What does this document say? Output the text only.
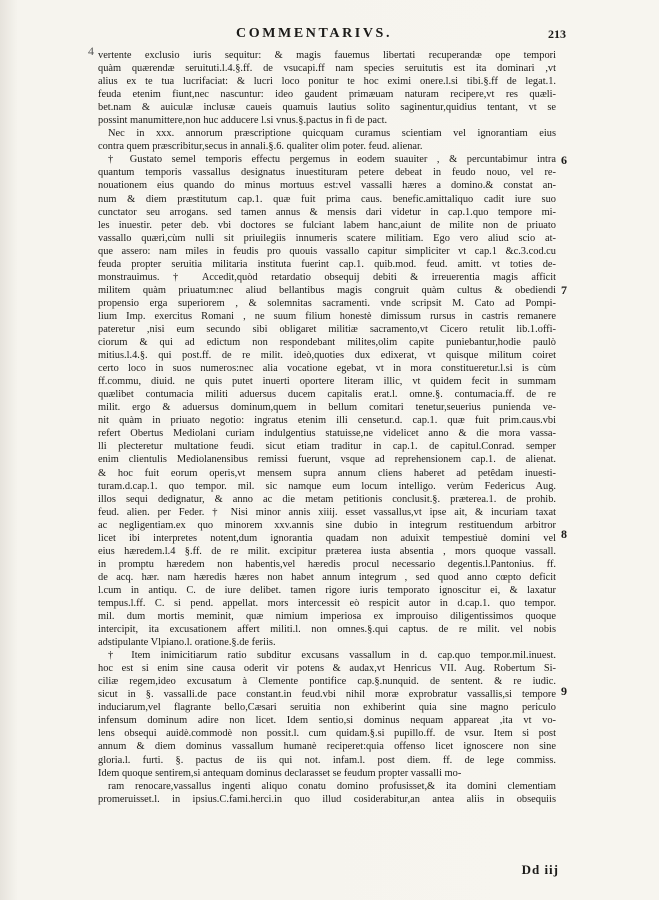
COMMENTARIVS.	213
4 vertente exclusio iuris sequitur: & magis fauemus libertati recuperandæ ope tempori
quàm quærendæ seruituti.l.4.§.ff. de vsucapi.ff nam species seruitutis est ita dominari ,vt
alius ex te tua lucrifaciat: & lucri loco ponitur te hoc eximi onere.l.si tibi.§.ff de legat.1.
feuda etenim fiunt,nec nascuntur: ideo gaudent primæuam naturam recipere,vt res quæli-
bet.nam & auiculæ inclusæ caueis quamuis lautius solito saginentur,quidius tentant, vt se
possint manumittere,non huc adducere l.si vnus.§.pactus in fi de pact.
Nec in xxx. annorum præscriptione quicquam curamus scientiam vel ignorantiam eius
contra quem præscribitur,secus in annali.§.6. qualiter olim poter. feud. alienar.
† Gustato semel temporis effectu pergemus in eodem suauiter , & percuntabimur intra
quantum temporis vassallus designatus inuestituram petere debeat in feudo nouo, vel re-
nouationem eius quando do minus mortuus est:vel vassalli hæres a domino.& constat an-
num & diem præstitutum cap.1. quæ fuit prima caus. benefic.amittaliquo cadit iure suo
cunctator seu arrogans. sed tamen annus & mensis dari videtur in cap.1.quo tempore mi-
les inuestir. peter deb. vbi doctores se fulciant labem hanc,aiunt de milite non de priuato
vassallo quæri,cùm nulli sit priuilegiis innumeris scatere militiam. Ego vero aliud scio at-
que assero: nam miles in feudis pro quouis vassallo capitur simpliciter vt cap.1 &c.3.cod.cu
feuda propter seruitia militaria instituta fuerint cap.1. quib.mod. feud. amitt. vt toties de-
monstrauimus. † Accedit,quòd retardatio obsequij debiti & irreuerentia magis afficit
militem quàm priuatum:nec aliud bellantibus magis congruit quàm cultus & obediendi
propensio erga superiorem , & solemnitas sacramenti. vnde scripsit M. Cato ad Pompi-
lium Imp. exercitus Romani , ne suum filium honestè dimissum rursus in castris remanere
pateretur ,nisi eum secundo sibi obligaret militiæ sacramento,vt Cicero retulit lib.1.offi-
ciorum & qui ad edictum non respondebant milites,olim capite puniebantur,hodie paulò
mitius.l.4.§. qui post.ff. de re milit. ideò,quoties dux edixerat, vt quisque militum coiret
certo loco in suos numeros:nec alia vocatione egebat, vt in mora constitueretur.l.si is cùm
ff.commu, diuid. ne quis putet inuerti oportere literam illic, vt quidem fecit in summam
quælibet contumacia militi aduersus ducem capitalis erat.l. omne.§. contumacia.ff. de re
milit. ergo & aduersus dominum,quem in bellum comitari tenetur,seuerius puniendа ve-
nit quàm in priuato negotio: ingratus etenim illi censetur.d. cap.1. quæ fuit prim.caus.vbi
refert Obertus Mediolani curiam indulgentius statuisse,ne videlicet anno & die mora vassa-
lli plecteretur multatione feudi. sicut etiam traditur in cap.1. de capitul.Conrad. semper
enim clientulis Mediolanensibus remissi fuerunt, vsque ad reprehensionem cap.1. de alienat.
& hoc fuit eorum operis,vt mensem supra annum cliens haberet ad petêdam inuesti-
turam.d.cap.1. quo tempor. mil. sic namque eum locum intelligo. verùm Federicus Aug.
illos sequi dedignatur, & anno ac die metam petitionis conclusit.§. præterea.1. de prohib.
feud. alien. per Feder. † Nisi minor annis xiiij. esset vassallus,vt ipse ait, & incuriam taxat
ac negligentiam.ex quo minorem xxv.annis sine dubio in integrum restituendum arbitror
licet ibi interpretes notent,dum ignorantia quadam non aduixit tempestiuè domini vel
eius hæredem.l.4 §.ff. de re milit. excipitur præterea iusta absentia , mors quoque vassall.
in promptu hæredem non habentis,vel hæredis procul necessario degentis.l.Pantonius. ff.
de acq. hær. nam hæredis hæres non habet annum integrum , sed quod anno cœpto deficit
l.cum in antiqu. C. de iure delibet. tamen rigore iuris temporato ignoscitur ei, & laxatur
tempus.l.ff. C. si pend. appellat. mors intercessit eò respicit autor in d.cap.1. quo tempor.
mil. dum mortis meminit, quæ nimium imperiosa ex improuiso diligentissimos quoque
intercipit, ita excusationem affert militi.l. non omnes.§.qui captus. de re milit. vel nobis
adstipulante Vlpiano.l. oratione.§.de feriis.
† Item inimicitiarum ratio subditur excusans vassallum in d. cap.quo tempor.mil.inuest.
hoc est si enim sine causa oderit vir potens & audax,vt Henricus VII. Aug. Robertum Si-
ciliæ regem,ideo excusatum à Clemente pontifice cap.§.nunquid. de sentent. & re iudic.
sicut in §. vassalli.de pace constant.in feud.vbi nihil moræ exprobratur vassallis,si tempore
induciarum,vel flagrante bello,Cæsari seruitia non exhiberint quia sine magno periculo
infensum dominum adire non licet. Idem sentio,si dominus nequam appareat ,ita vt vo-
lens obsequi auidè.commodè non possit.l. cum quidam.§.si pupillo.ff. de vsur. Item si post
annum & diem dominus vassallum humanè reciperet:quia offenso licet ignoscere non sine
gloria.l. furti. §. pactus de iis qui not. infam.l. post diem. ff. de lege commiss.
Idem quoque sentirem,si antequam dominus declarasset se feudum propter vassalli mo-
ram renocare,vassallus ingenti aliquo conatu domino profusisset,& ita domini clementiam
promeruisset.l. in ipsius.C.fami.herci.in quo illud cosiderabitur,an antea aliis in obsequiis
6
7
8
9
Dd iij
